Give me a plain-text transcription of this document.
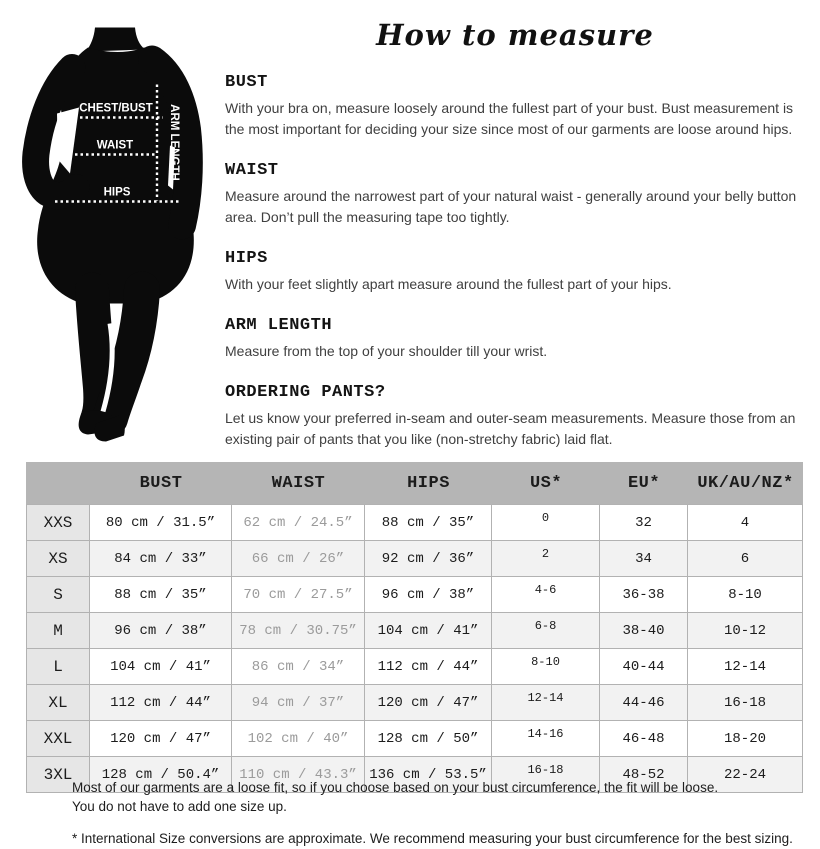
CHEST/BUST
WAIST
HIPS
ARM LENGTH
How to measure
BUST

With your bra on, measure loosely around the fullest part of your bust. Bust measurement is the most important for deciding your size since most of our garments are loose around hips.

WAIST

Measure around the narrowest part of your natural waist - generally around your belly button area. Don’t pull the measuring tape too tightly.

HIPS

With your feet slightly apart measure around the fullest part of your hips.

ARM LENGTH

Measure from the top of your shoulder till your wrist.

ORDERING PANTS?

Let us know your preferred in-seam and outer-seam measurements. Measure those from an existing pair of pants that you like (non-stretchy fabric) laid flat.

	BUST	WAIST	HIPS	US*	EU*	UK/AU/NZ*
XXS	80 cm / 31.5”	62 cm / 24.5”	88 cm / 35”	0	32	4
XS	84 cm / 33”	66 cm / 26”	92 cm / 36”	2	34	6
S	88 cm / 35”	70 cm / 27.5”	96 cm / 38”	4-6	36-38	8-10
M	96 cm / 38”	78 cm / 30.75”	104 cm / 41”	6-8	38-40	10-12
L	104 cm / 41”	86 cm / 34”	112 cm / 44”	8-10	40-44	12-14
XL	112 cm / 44”	94 cm / 37”	120 cm / 47”	12-14	44-46	16-18
XXL	120 cm / 47”	102 cm / 40”	128 cm / 50”	14-16	46-48	18-20
3XL	128 cm / 50.4”	110 cm / 43.3”	136 cm / 53.5”	16-18	48-52	22-24

Most of our garments are a loose fit, so if you choose based on your bust circumference, the fit will be loose.

You do not have to add one size up.

* International Size conversions are approximate. We recommend measuring your bust circumference for the best sizing.
